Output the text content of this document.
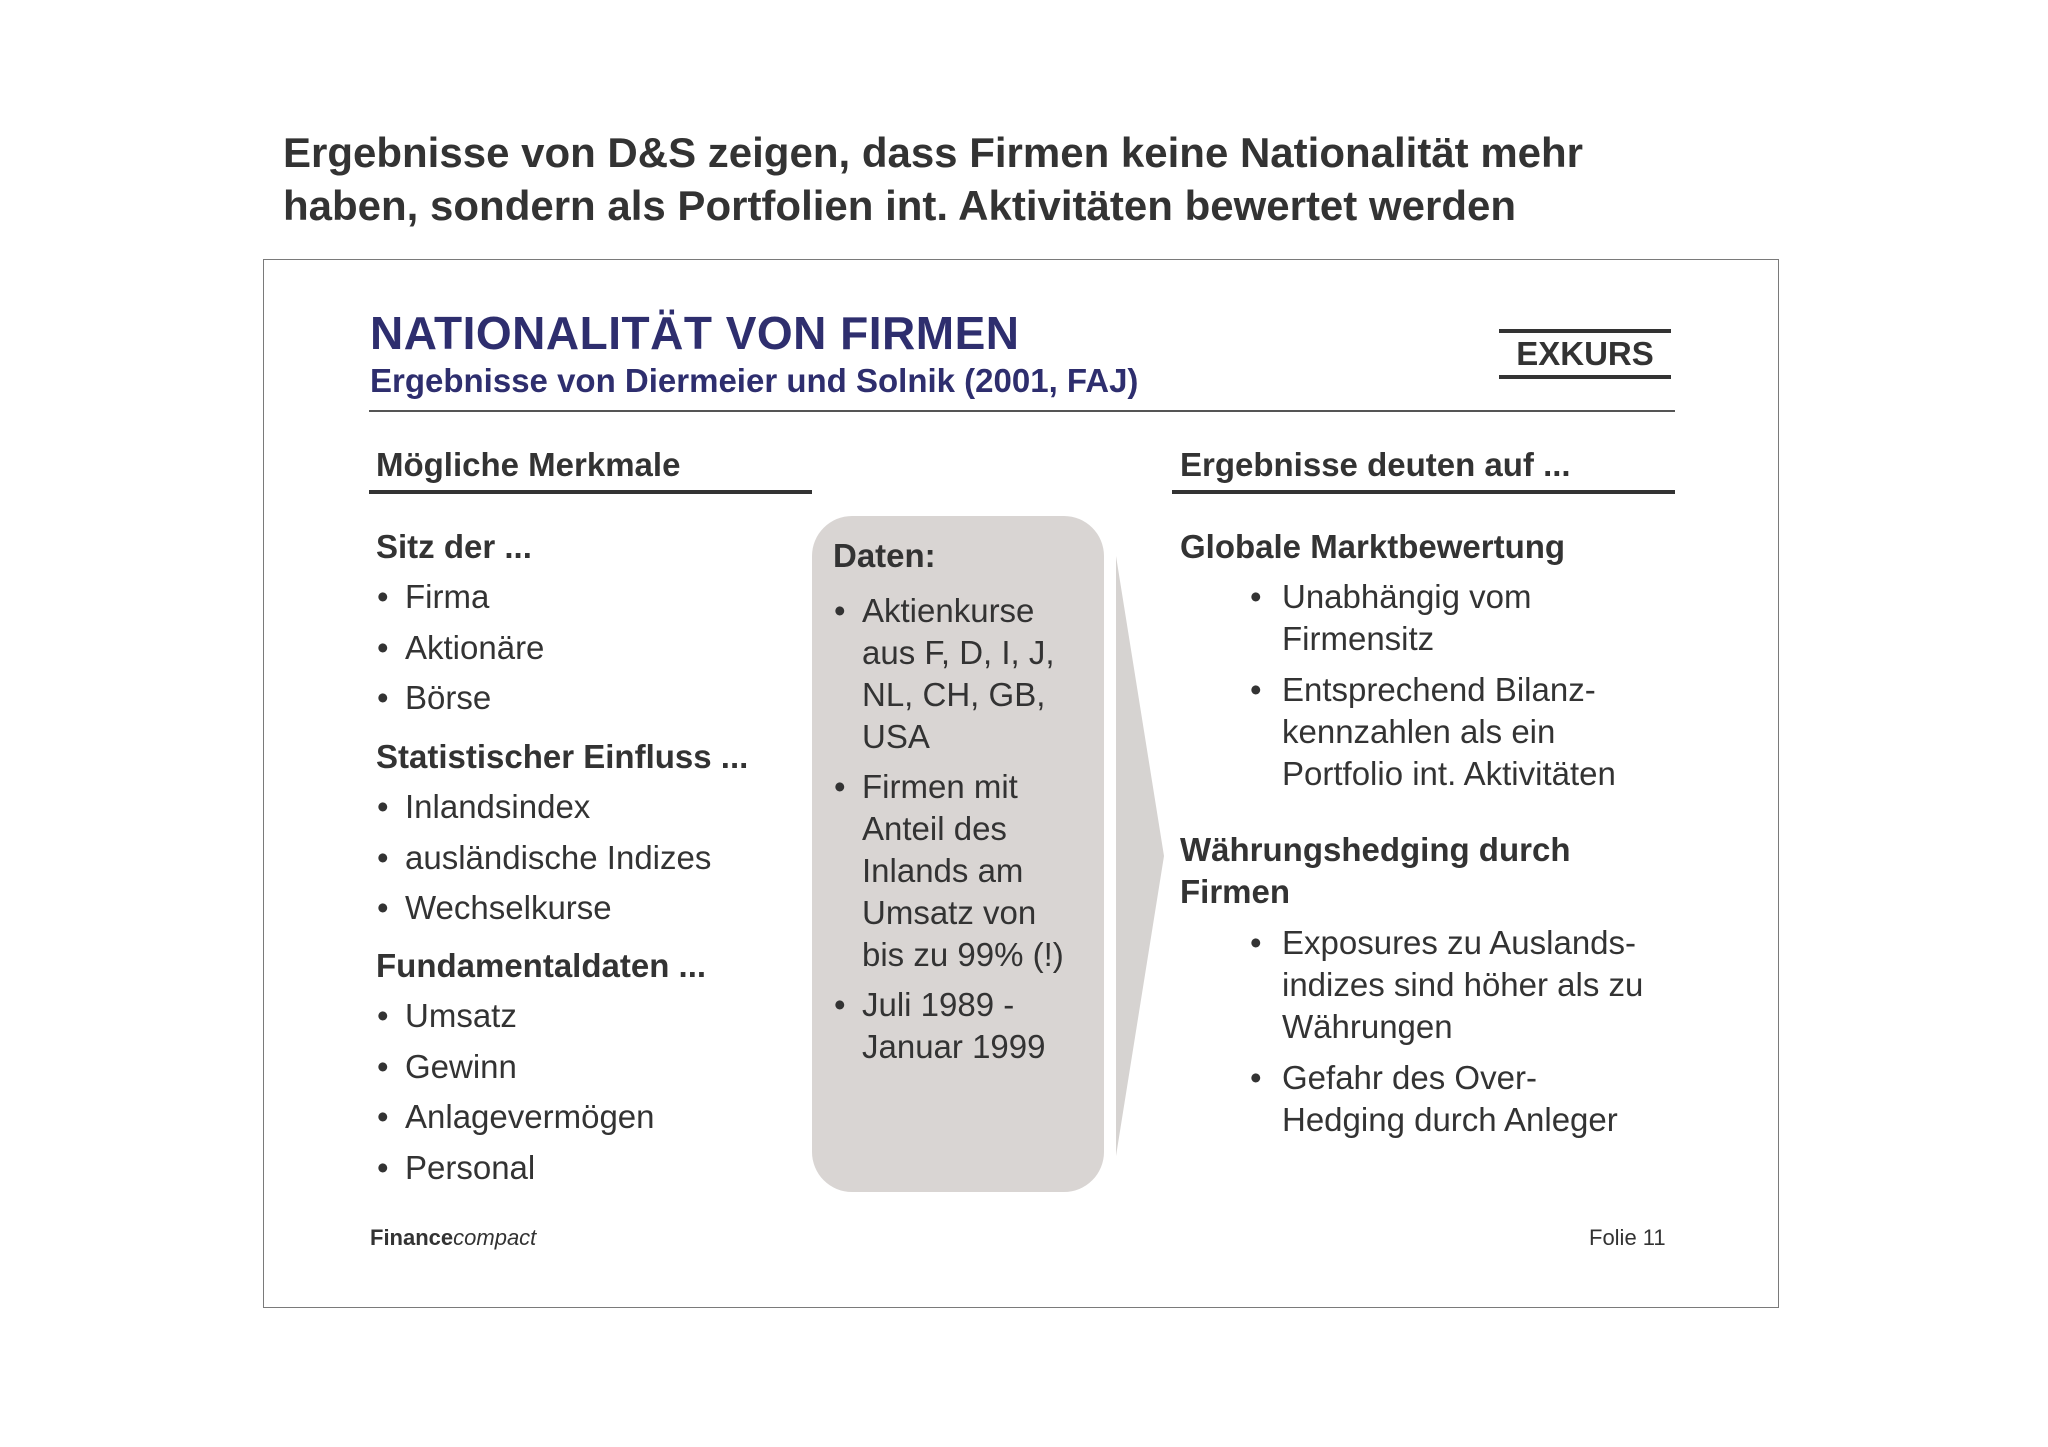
Ergebnisse von D&S zeigen, dass Firmen keine Nationalität mehr
haben, sondern als Portfolien int. Aktivitäten bewertet werden
NATIONALITÄT VON FIRMEN
Ergebnisse von Diermeier und Solnik (2001, FAJ)
EXKURS
Mögliche Merkmale
Sitz der ...
• Firma
• Aktionäre
• Börse
Statistischer Einfluss ...
• Inlandsindex
• ausländische Indizes
• Wechselkurse
Fundamentaldaten ...
• Umsatz
• Gewinn
• Anlagevermögen
• Personal
Daten:
• Aktienkurse
aus F, D, I, J,
NL, CH, GB,
USA
• Firmen mit
Anteil des
Inlands am
Umsatz von
bis zu 99% (!)
• Juli 1989 -
Januar 1999
Ergebnisse deuten auf ...
Globale Marktbewertung
• Unabhängig vom
Firmensitz
• Entsprechend Bilanz-
kennzahlen als ein
Portfolio int. Aktivitäten
Währungshedging durch
Firmen
• Exposures zu Auslands-
indizes sind höher als zu
Währungen
• Gefahr des Over-
Hedging durch Anleger
Financecompact	Folie 11
